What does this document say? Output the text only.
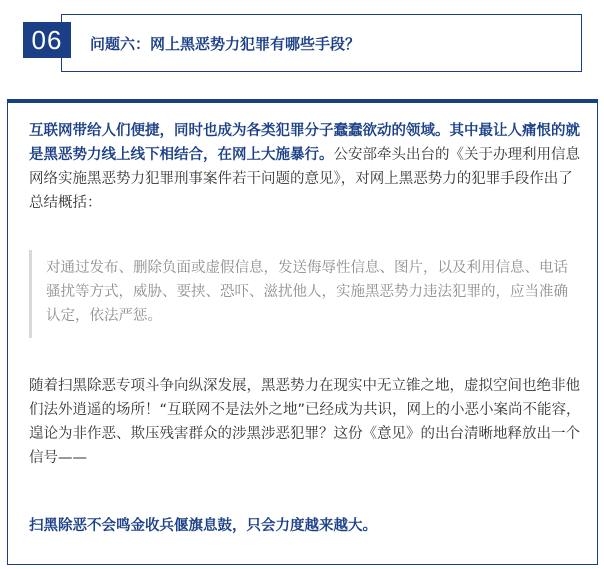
06	问题六：网上黑恶势力犯罪有哪些手段？

互联网带给人们便捷，同时也成为各类犯罪分子蠢蠢欲动的领域。其中最让人痛恨的就是黑恶势力线上线下相结合，在网上大施暴行。公安部牵头出台的《关于办理利用信息网络实施黑恶势力犯罪刑事案件若干问题的意见》，对网上黑恶势力的犯罪手段作出了总结概括：

对通过发布、删除负面或虚假信息，发送侮辱性信息、图片，以及利用信息、电话骚扰等方式，威胁、要挟、恐吓、滋扰他人，实施黑恶势力违法犯罪的，应当准确认定，依法严惩。

随着扫黑除恶专项斗争向纵深发展，黑恶势力在现实中无立锥之地，虚拟空间也绝非他们法外逍遥的场所！“互联网不是法外之地”已经成为共识，网上的小恶小案尚不能容，遑论为非作恶、欺压残害群众的涉黑涉恶犯罪？这份《意见》的出台清晰地释放出一个信号——

扫黑除恶不会鸣金收兵偃旗息鼓，只会力度越来越大。
